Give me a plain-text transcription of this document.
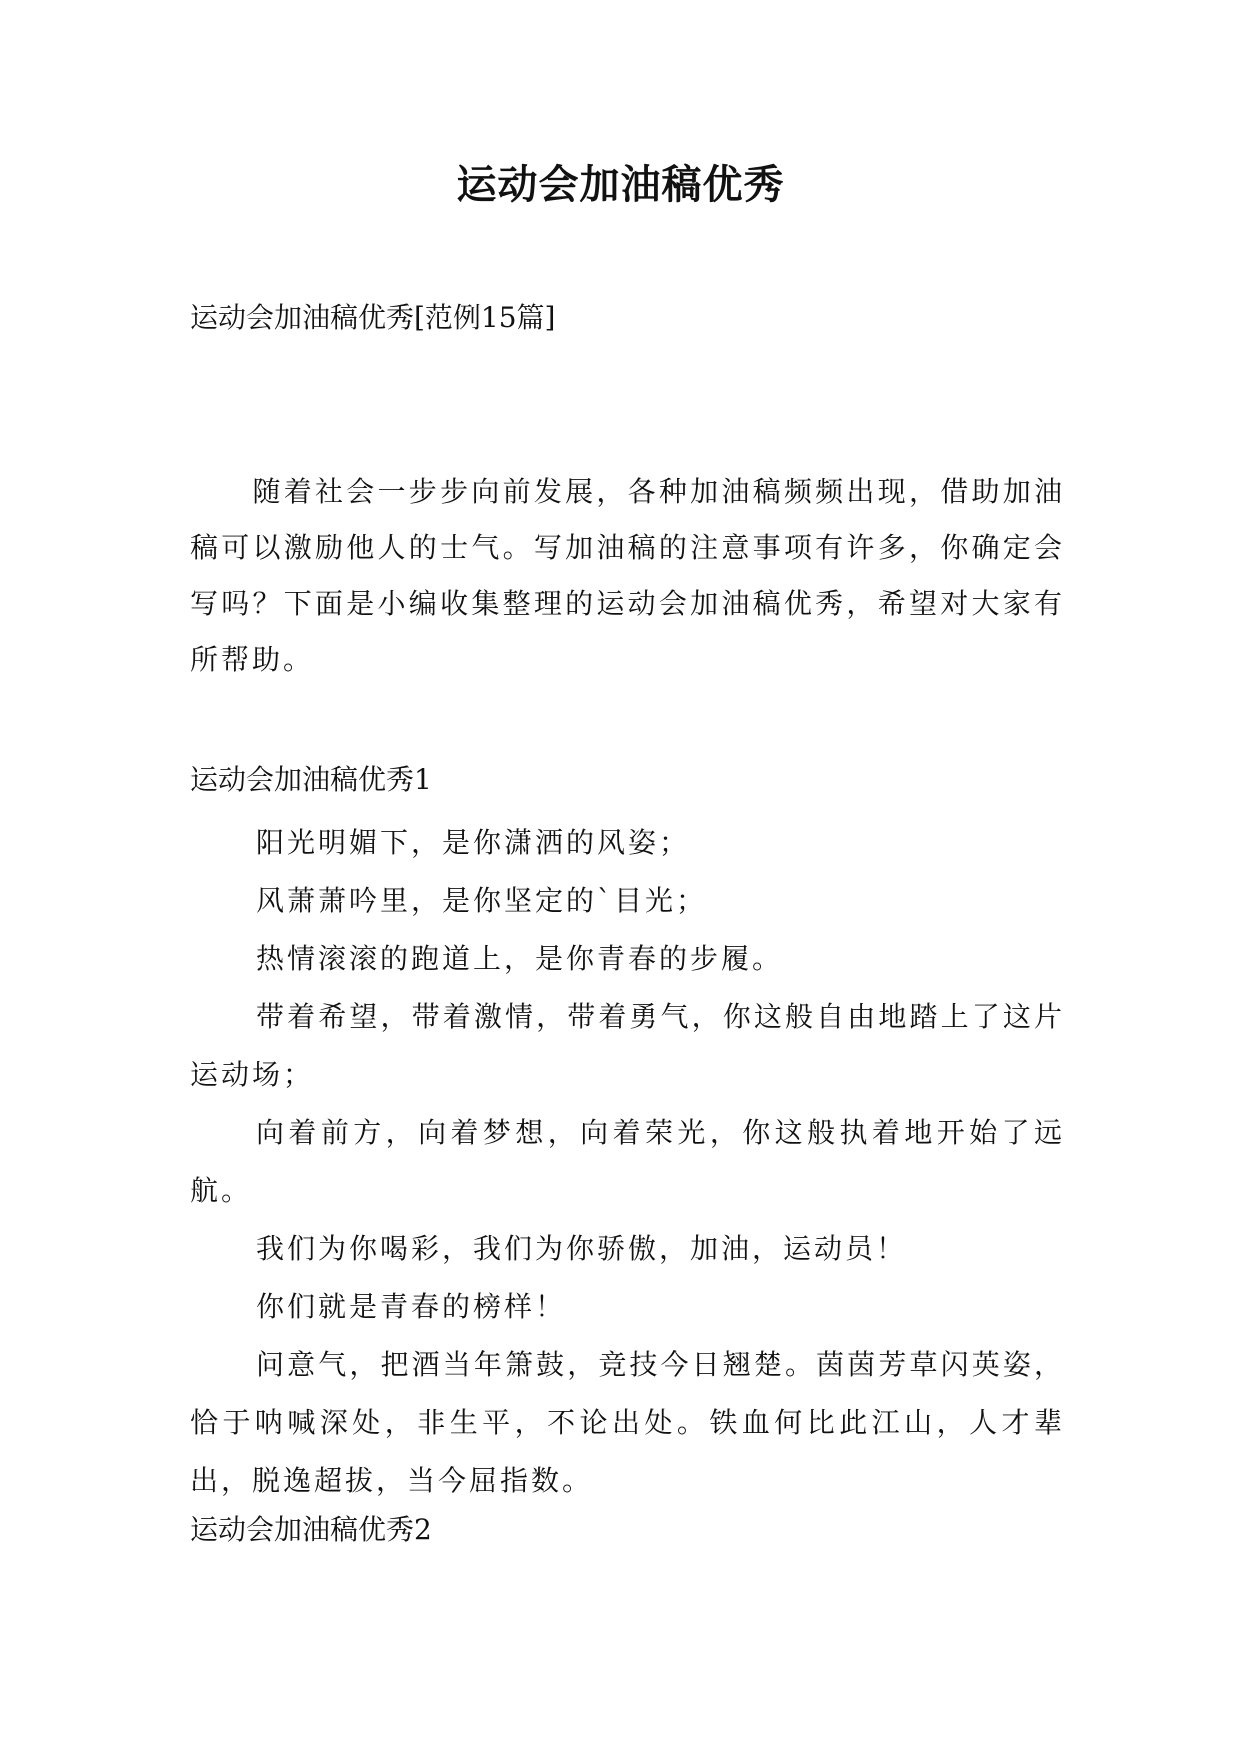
运动会加油稿优秀

运动会加油稿优秀[范例15篇]

　　随着社会一步步向前发展，各种加油稿频频出现，借助加油稿可以激励他人的士气。写加油稿的注意事项有许多，你确定会写吗？下面是小编收集整理的运动会加油稿优秀，希望对大家有所帮助。

运动会加油稿优秀1

阳光明媚下，是你潇洒的风姿；

风萧萧吟里，是你坚定的`目光；

热情滚滚的跑道上，是你青春的步履。

带着希望，带着激情，带着勇气，你这般自由地踏上了这片运动场；

向着前方，向着梦想，向着荣光，你这般执着地开始了远航。

我们为你喝彩，我们为你骄傲，加油，运动员！

你们就是青春的榜样！

问意气，把酒当年箫鼓，竞技今日翘楚。茵茵芳草闪英姿，恰于呐喊深处，非生平，不论出处。铁血何比此江山，人才辈出，脱逸超拔，当今屈指数。

运动会加油稿优秀2
